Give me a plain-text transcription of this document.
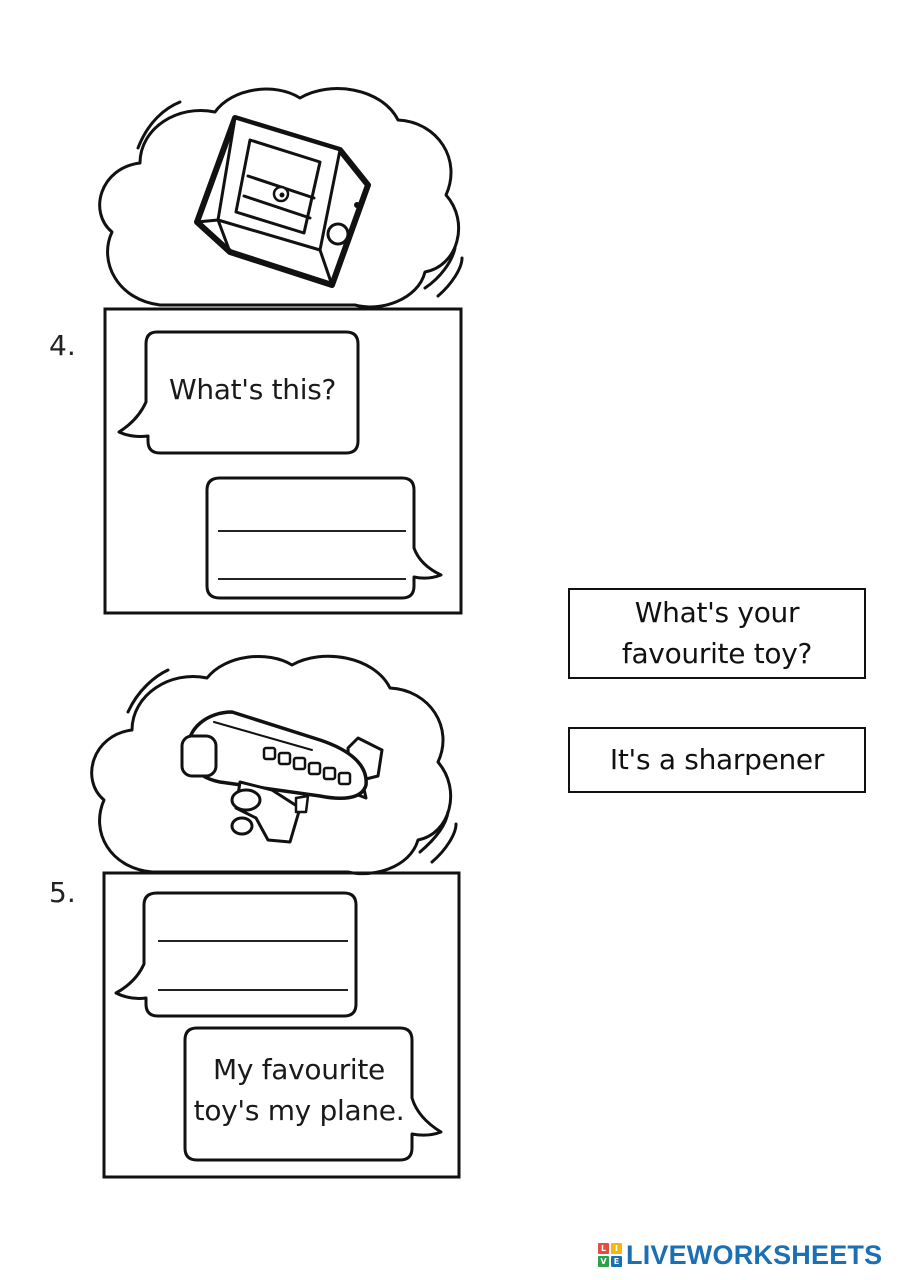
4.
5.
What's this?
My favourite toy's my plane.
What's your favourite toy?
It's a sharpener
L	I
V E LIVEWORKSHEETS
